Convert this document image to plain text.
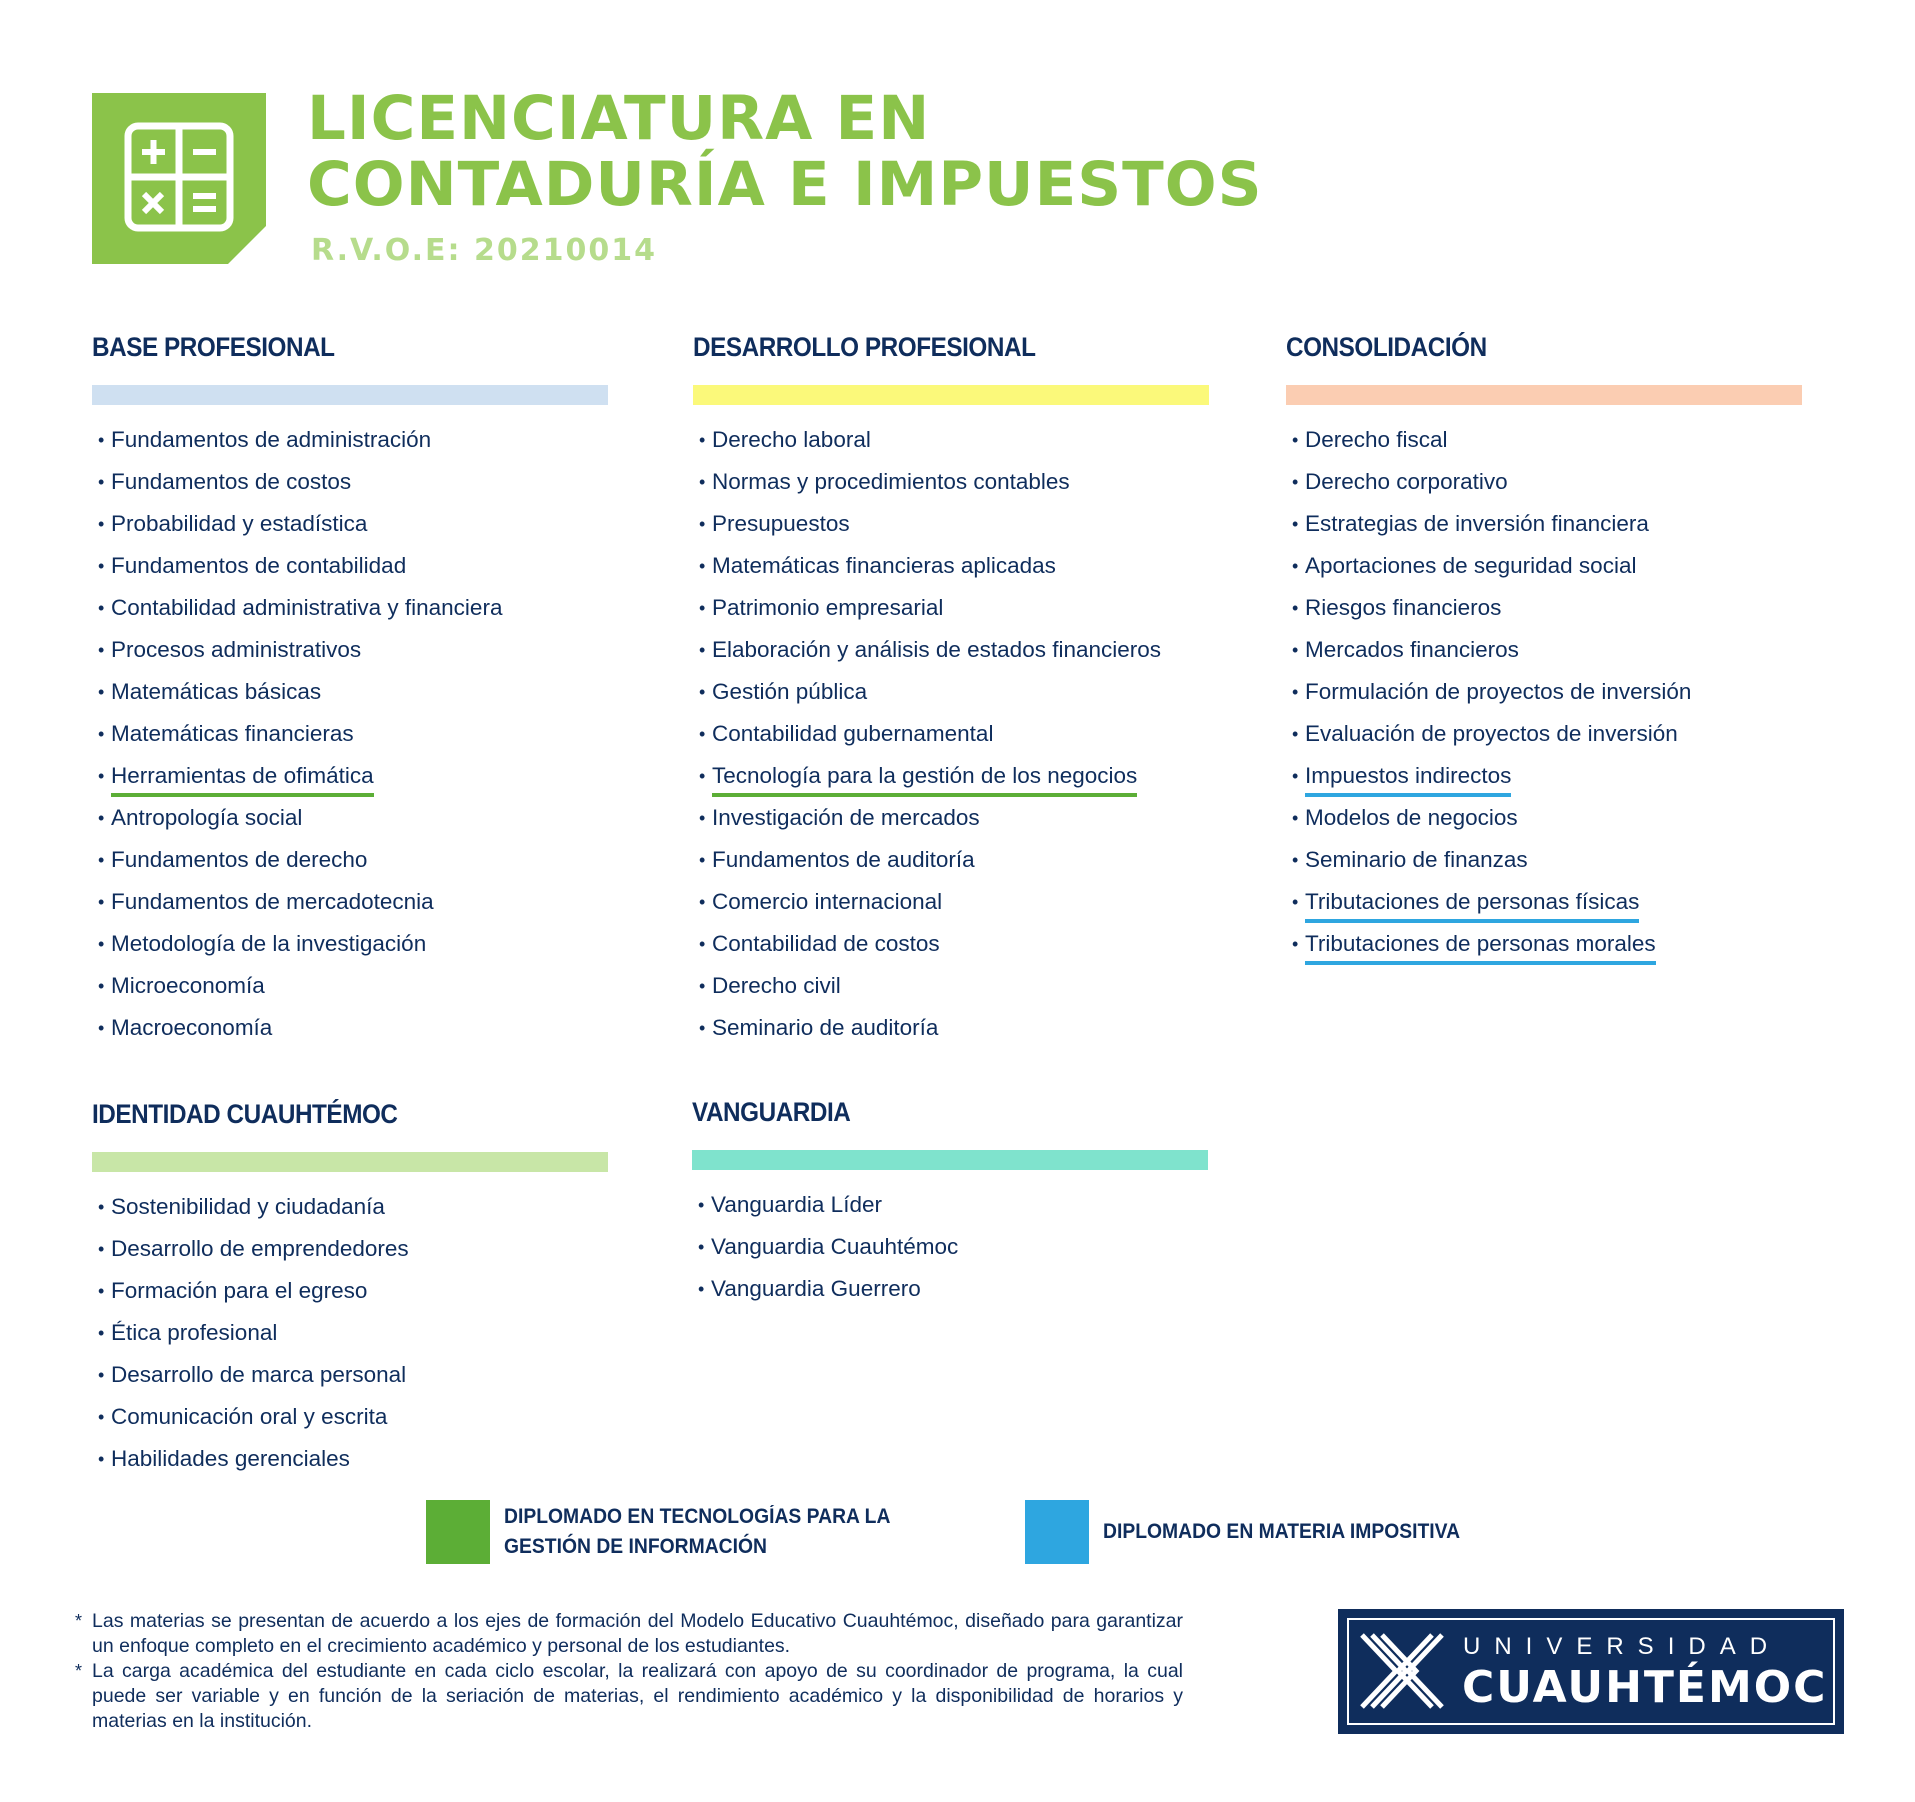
LICENCIATURA EN
CONTADURÍA E IMPUESTOS
R.V.O.E: 20210014
BASE PROFESIONAL
• Fundamentos de administración
• Fundamentos de costos
• Probabilidad y estadística
• Fundamentos de contabilidad
• Contabilidad administrativa y financiera
• Procesos administrativos
• Matemáticas básicas
• Matemáticas financieras
• Herramientas de ofimática
• Antropología social
• Fundamentos de derecho
• Fundamentos de mercadotecnia
• Metodología de la investigación
• Microeconomía
• Macroeconomía
DESARROLLO PROFESIONAL
• Derecho laboral
• Normas y procedimientos contables
• Presupuestos
• Matemáticas financieras aplicadas
• Patrimonio empresarial
• Elaboración y análisis de estados financieros
• Gestión pública
• Contabilidad gubernamental
• Tecnología para la gestión de los negocios
• Investigación de mercados
• Fundamentos de auditoría
• Comercio internacional
• Contabilidad de costos
• Derecho civil
• Seminario de auditoría
CONSOLIDACIÓN
• Derecho fiscal
• Derecho corporativo
• Estrategias de inversión financiera
• Aportaciones de seguridad social
• Riesgos financieros
• Mercados financieros
• Formulación de proyectos de inversión
• Evaluación de proyectos de inversión
• Impuestos indirectos
• Modelos de negocios
• Seminario de finanzas
• Tributaciones de personas físicas
• Tributaciones de personas morales
IDENTIDAD CUAUHTÉMOC
• Sostenibilidad y ciudadanía
• Desarrollo de emprendedores
• Formación para el egreso
• Ética profesional
• Desarrollo de marca personal
• Comunicación oral y escrita
• Habilidades gerenciales
VANGUARDIA
• Vanguardia Líder
• Vanguardia Cuauhtémoc
• Vanguardia Guerrero
DIPLOMADO EN TECNOLOGÍAS PARA LA
GESTIÓN DE INFORMACIÓN
DIPLOMADO EN MATERIA IMPOSITIVA
* Las materias se presentan de acuerdo a los ejes de formación del Modelo Educativo Cuauhtémoc, diseñado para garantizar un enfoque completo en el crecimiento académico y personal de los estudiantes.
* La carga académica del estudiante en cada ciclo escolar, la realizará con apoyo de su coordinador de programa, la cual puede ser variable y en función de la seriación de materias, el rendimiento académico y la disponibilidad de horarios y materias en la institución.
UNIVERSIDAD
CUAUHTÉMOC
